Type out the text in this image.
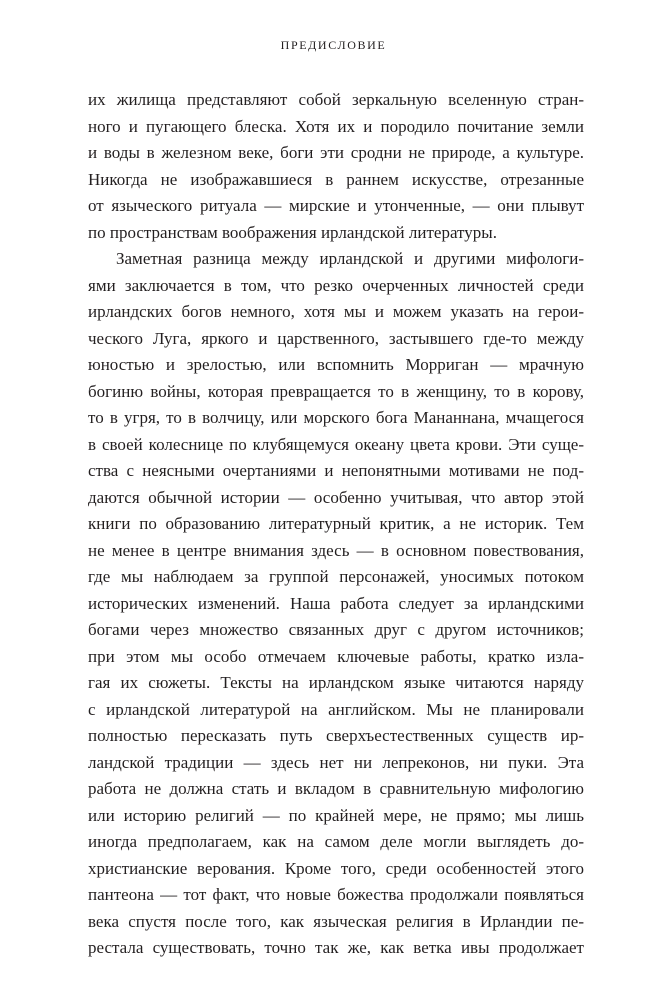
ПРЕДИСЛОВИЕ
их жилища представляют собой зеркальную вселенную стран-
ного и пугающего блеска. Хотя их и породило почитание земли
и воды в железном веке, боги эти сродни не природе, а культуре.
Никогда не изображавшиеся в раннем искусстве, отрезанные
от языческого ритуала — мирские и утонченные, — они плывут
по пространствам воображения ирландской литературы.
Заметная разница между ирландской и другими мифологи-
ями заключается в том, что резко очерченных личностей среди
ирландских богов немного, хотя мы и можем указать на герои-
ческого Луга, яркого и царственного, застывшего где-то между
юностью и зрелостью, или вспомнить Морриган — мрачную
богиню войны, которая превращается то в женщину, то в корову,
то в угря, то в волчицу, или морского бога Мананнана, мчащегося
в своей колеснице по клубящемуся океану цвета крови. Эти суще-
ства с неясными очертаниями и непонятными мотивами не под-
даются обычной истории — особенно учитывая, что автор этой
книги по образованию литературный критик, а не историк. Тем
не менее в центре внимания здесь — в основном повествования,
где мы наблюдаем за группой персонажей, уносимых потоком
исторических изменений. Наша работа следует за ирландскими
богами через множество связанных друг с другом источников;
при этом мы особо отмечаем ключевые работы, кратко изла-
гая их сюжеты. Тексты на ирландском языке читаются наряду
с ирландской литературой на английском. Мы не планировали
полностью пересказать путь сверхъестественных существ ир-
ландской традиции — здесь нет ни лепреконов, ни пуки. Эта
работа не должна стать и вкладом в сравнительную мифологию
или историю религий — по крайней мере, не прямо; мы лишь
иногда предполагаем, как на самом деле могли выглядеть до-
христианские верования. Кроме того, среди особенностей этого
пантеона — тот факт, что новые божества продолжали появляться
века спустя после того, как языческая религия в Ирландии пе-
рестала существовать, точно так же, как ветка ивы продолжает
